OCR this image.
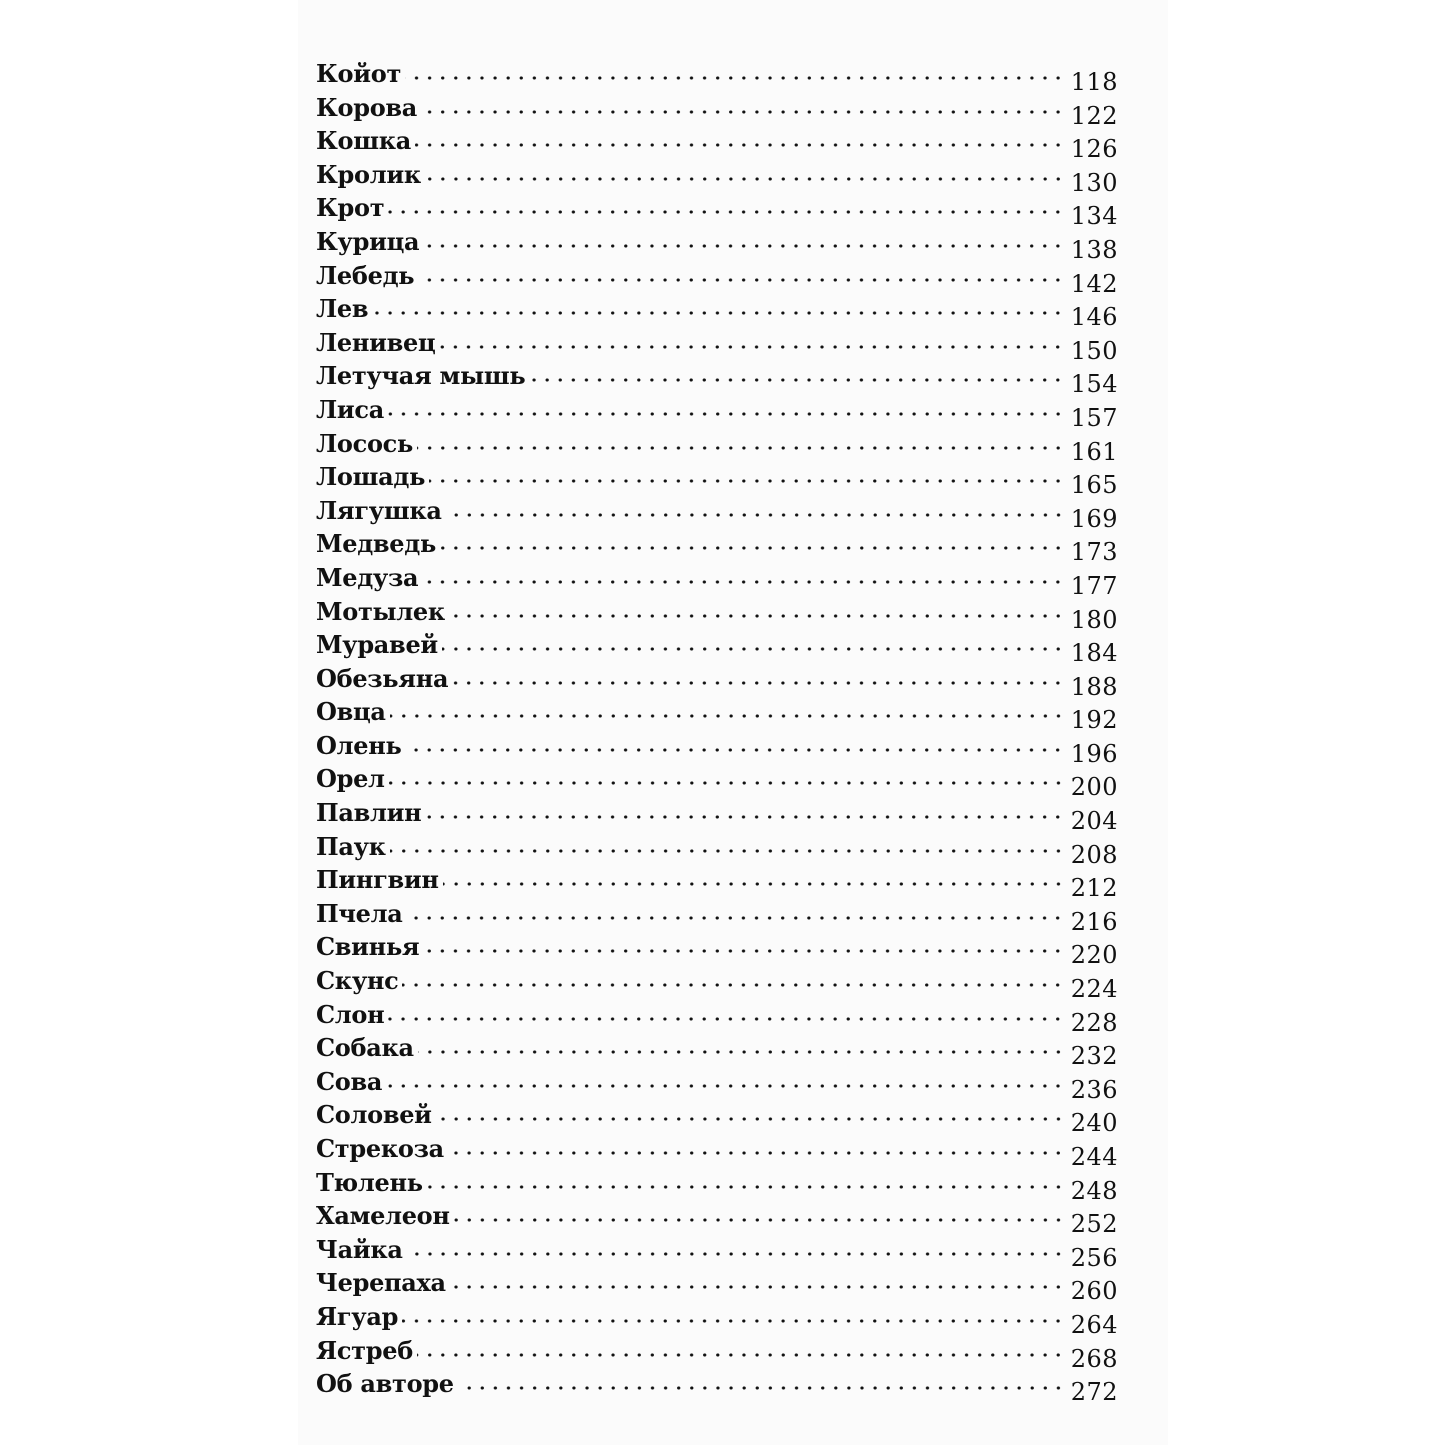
Койот	118
Корова	122
Кошка	126
Кролик	130
Крот	134
Курица	138
Лебедь	142
Лев	146
Ленивец	150
Летучая мышь	154
Лиса	157
Лосось	161
Лошадь	165
Лягушка	169
Медведь	173
Медуза	177
Мотылек	180
Муравей	184
Обезьяна	188
Овца	192
Олень	196
Орел	200
Павлин	204
Паук	208
Пингвин	212
Пчела	216
Свинья	220
Скунс	224
Слон	228
Собака	232
Сова	236
Соловей	240
Стрекоза	244
Тюлень	248
Хамелеон	252
Чайка	256
Черепаха	260
Ягуар	264
Ястреб	268
Об авторе	272
